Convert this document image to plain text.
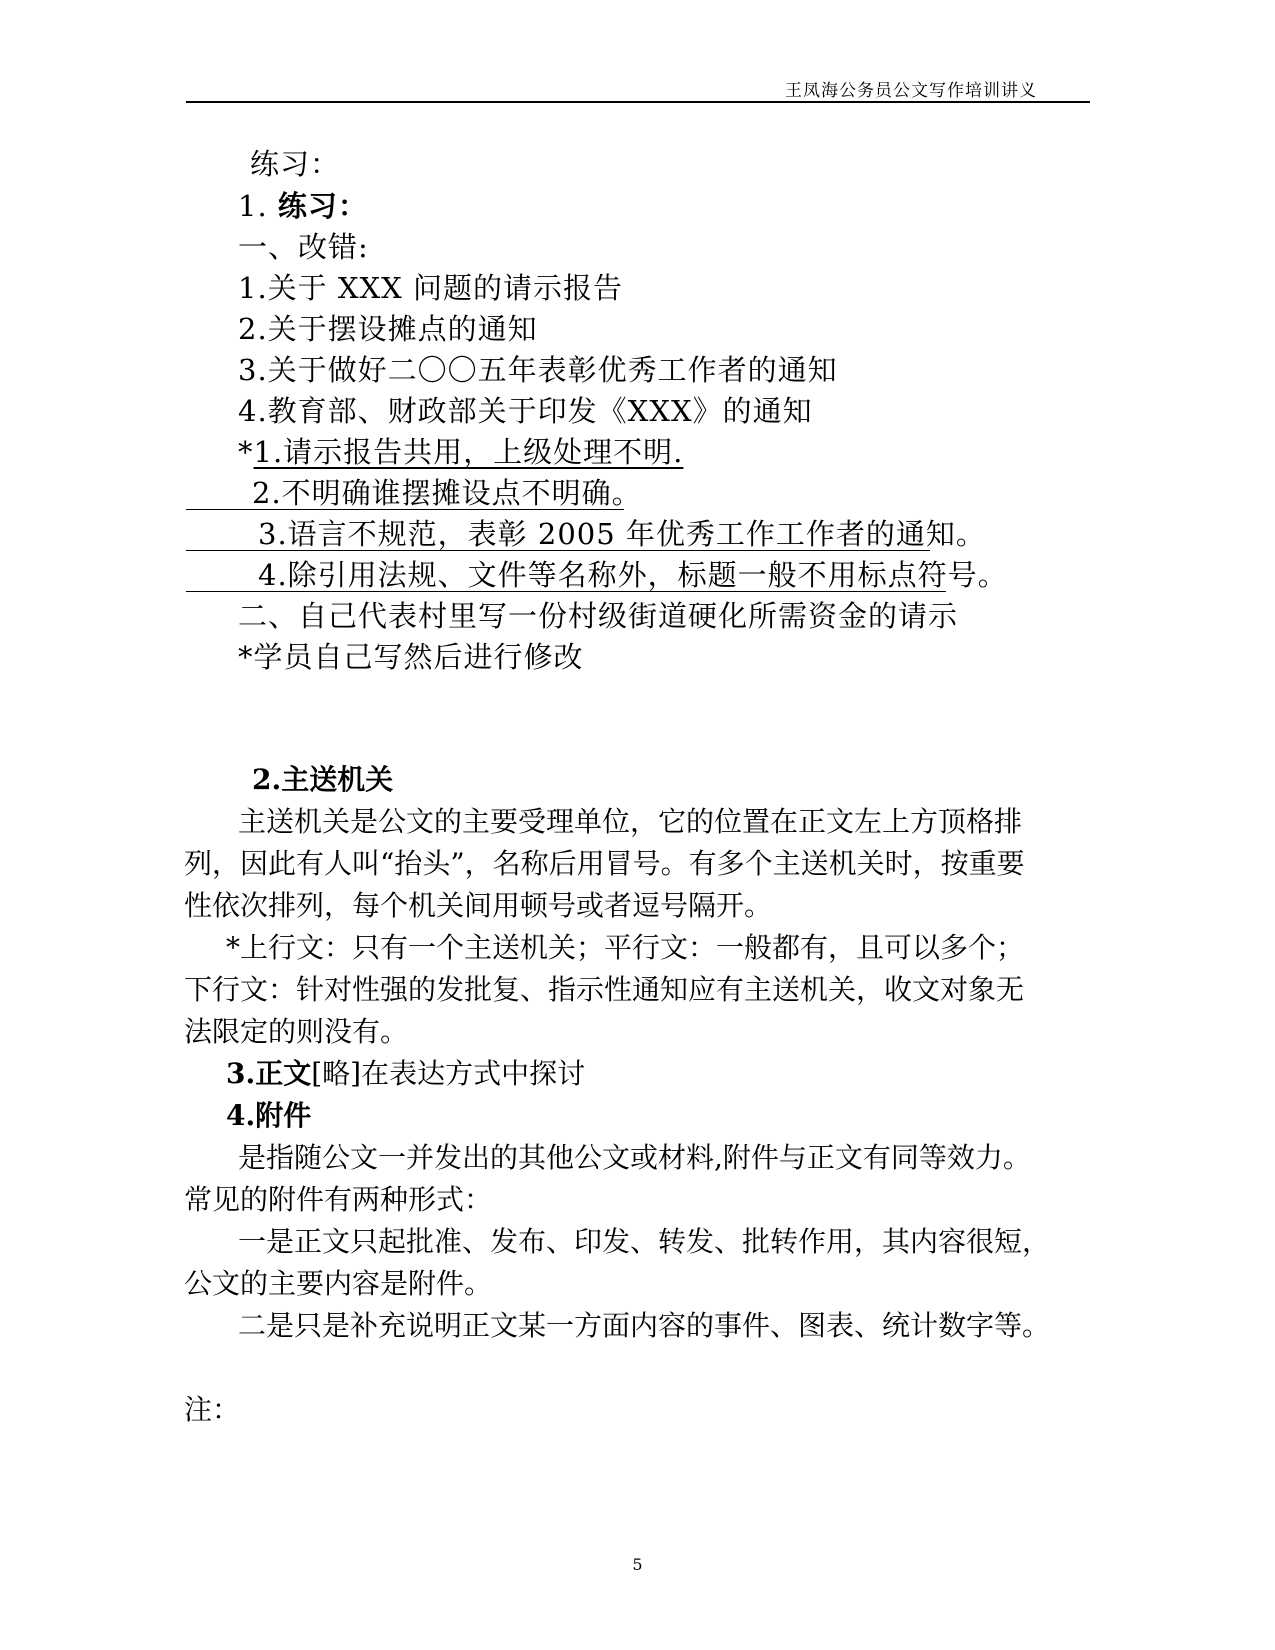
王凤海公务员公文写作培训讲义
练习：
1. 练习：
一、改错:
1.关于 XXX 问题的请示报告
2.关于摆设摊点的通知
3.关于做好二〇〇五年表彰优秀工作者的通知
4.教育部、财政部关于印发《XXX》的通知
*1.请示报告共用，上级处理不明.
2.不明确谁摆摊设点不明确。
3.语言不规范，表彰 2005 年优秀工作工作者的通知。
4.除引用法规、文件等名称外，标题一般不用标点符号。
二、自己代表村里写一份村级街道硬化所需资金的请示
*学员自己写然后进行修改
2.主送机关
主送机关是公文的主要受理单位，它的位置在正文左上方顶格排
列，因此有人叫“抬头”，名称后用冒号。有多个主送机关时，按重要
性依次排列，每个机关间用顿号或者逗号隔开。
*上行文：只有一个主送机关；平行文：一般都有，且可以多个；
下行文：针对性强的发批复、指示性通知应有主送机关，收文对象无
法限定的则没有。
3.正文[略]在表达方式中探讨
4.附件
是指随公文一并发出的其他公文或材料,附件与正文有同等效力。
常见的附件有两种形式：
一是正文只起批准、发布、印发、转发、批转作用，其内容很短，
公文的主要内容是附件。
二是只是补充说明正文某一方面内容的事件、图表、统计数字等。
注：
5
